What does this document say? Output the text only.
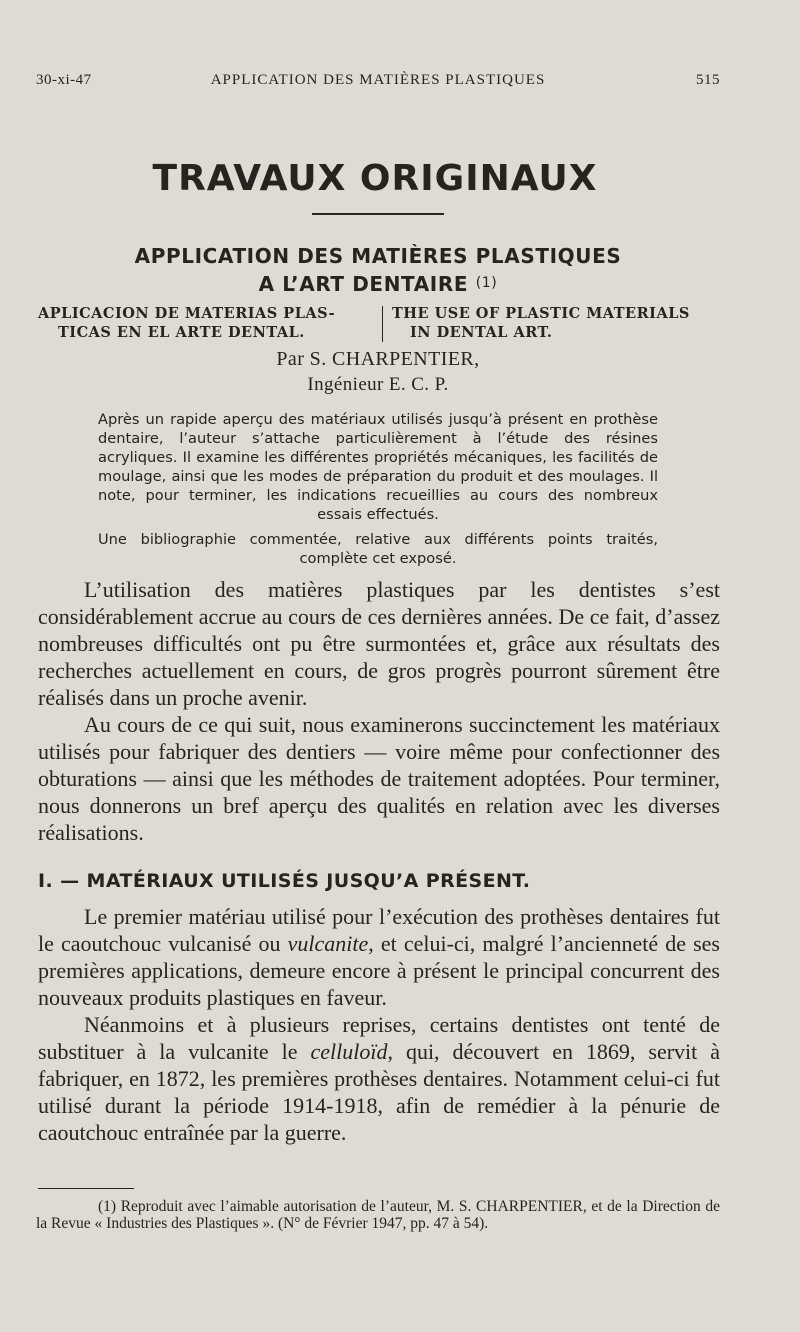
30-xi-47	APPLICATION DES MATIÈRES PLASTIQUES	515
TRAVAUX ORIGINAUX
APPLICATION DES MATIÈRES PLASTIQUES
A L’ART DENTAIRE $^{(1)}$
APLICACION DE MATERIAS PLAS-
TICAS EN EL ARTE DENTAL.
THE USE OF PLASTIC MATERIALS
IN DENTAL ART.
Par S. CHARPENTIER,
Ingénieur E. C. P.

Après un rapide aperçu des matériaux utilisés jusqu’à présent en prothèse dentaire, l’auteur s’attache particulièrement à l’étude des résines acryliques. Il examine les différentes propriétés mécaniques, les facilités de moulage, ainsi que les modes de préparation du produit et des moulages. Il note, pour terminer, les indications recueillies au cours des nombreux essais effectués.

Une bibliographie commentée, relative aux différents points traités, complète cet exposé.

L’utilisation des matières plastiques par les dentistes s’est considérablement accrue au cours de ces dernières années. De ce fait, d’assez nombreuses difficultés ont pu être surmontées et, grâce aux résultats des recherches actuellement en cours, de gros progrès pourront sûrement être réalisés dans un proche avenir.

Au cours de ce qui suit, nous examinerons succinctement les matériaux utilisés pour fabriquer des dentiers — voire même pour confectionner des obturations — ainsi que les méthodes de traitement adoptées. Pour terminer, nous donnerons un bref aperçu des qualités en relation avec les diverses réalisations.

I. — MATÉRIAUX UTILISÉS JUSQU’A PRÉSENT.

Le premier matériau utilisé pour l’exécution des prothèses dentaires fut le caoutchouc vulcanisé ou vulcanite, et celui-ci, malgré l’ancienneté de ses premières applications, demeure encore à présent le principal concurrent des nouveaux produits plastiques en faveur.

Néanmoins et à plusieurs reprises, certains dentistes ont tenté de substituer à la vulcanite le celluloïd, qui, découvert en 1869, servit à fabriquer, en 1872, les premières prothèses dentaires. Notamment celui-ci fut utilisé durant la période 1914-1918, afin de remédier à la pénurie de caoutchouc entraînée par la guerre.

(1) Reproduit avec l’aimable autorisation de l’auteur, M. S. CHARPENTIER, et de la Direction de la Revue « Industries des Plastiques ». (N° de Février 1947, pp. 47 à 54).
